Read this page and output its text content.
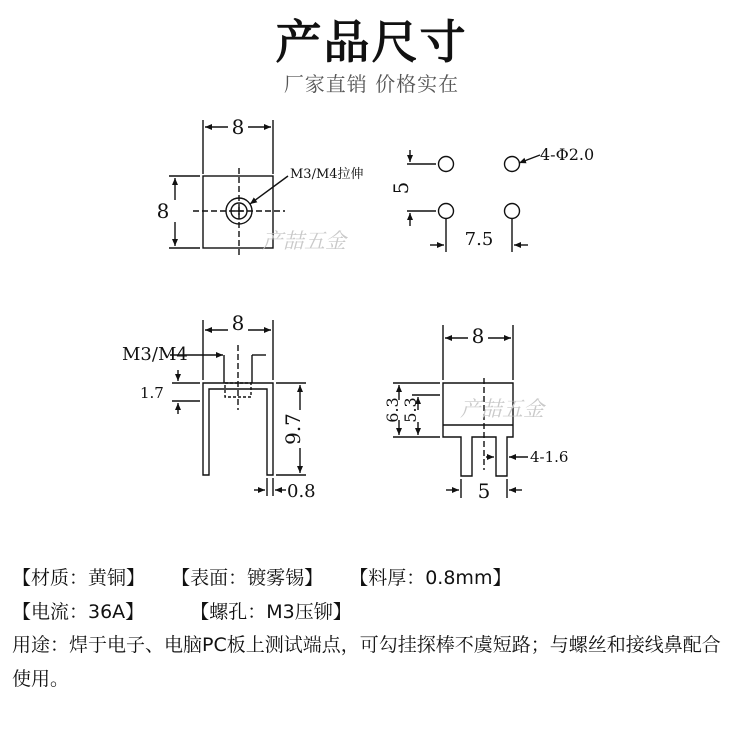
产品尺寸
厂家直销 价格实在
8
8
M3/M4拉伸
5
7.5
4-Φ2.0
8
M3/M4
1.7
9.7
0.8
8
6.3 5.3
4-1.6
5
产喆五金
产喆五金
【材质：黄铜】 【表面：镀雾锡】 【料厚：0.8mm】
【电流：36A】 【螺孔：M3压铆】
用途：焊于电子、电脑PC板上测试端点，可勾挂探棒不虞短路；与螺丝和接线鼻配合使用。
